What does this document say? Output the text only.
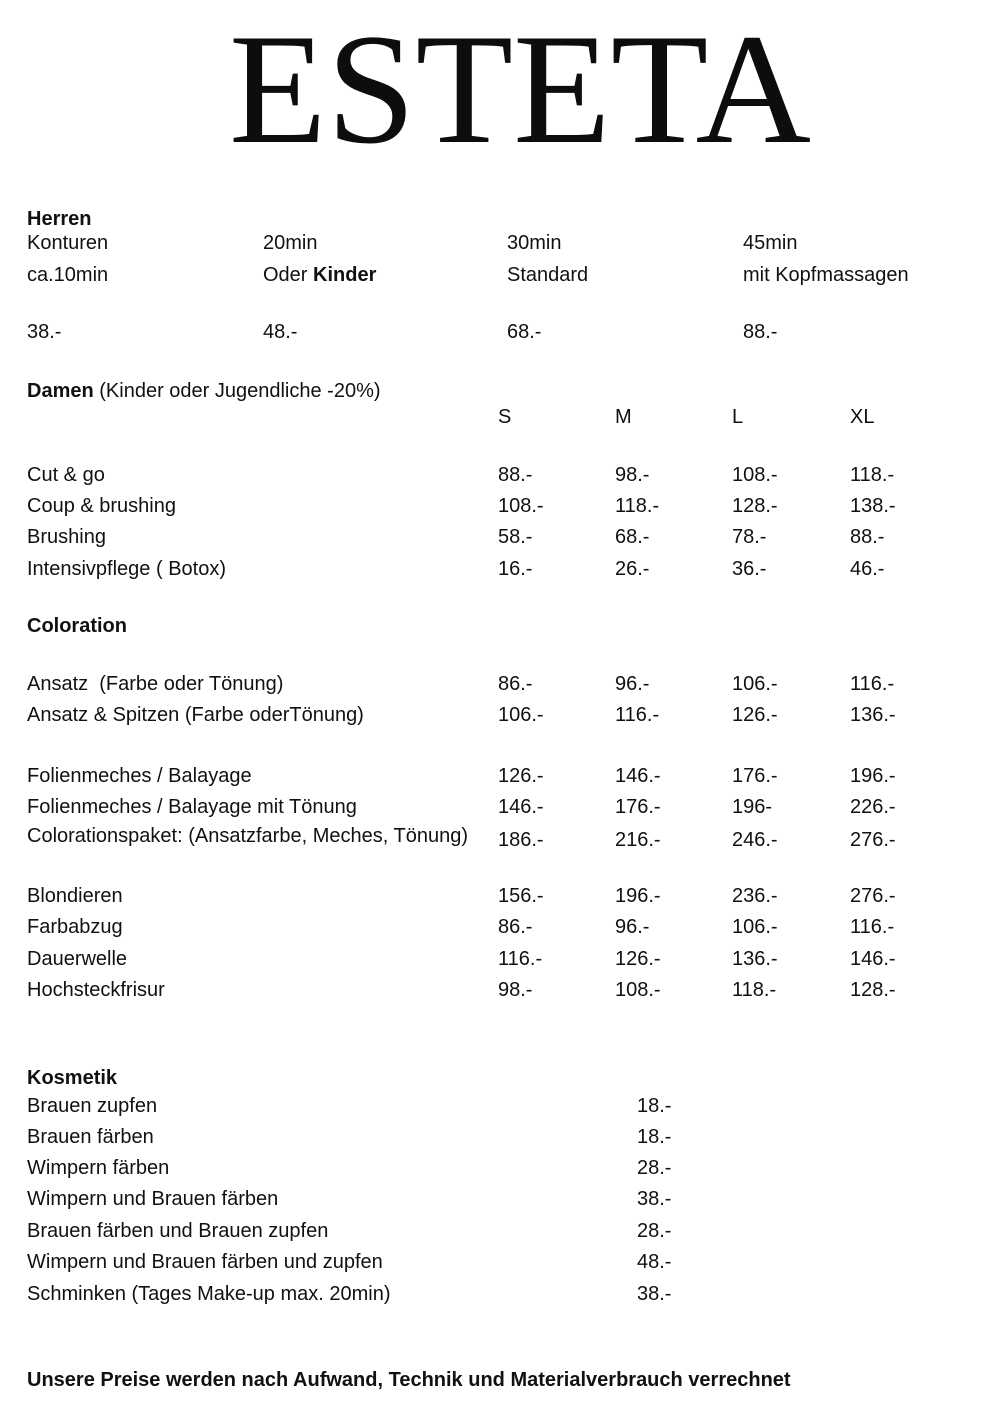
ESTETA
Herren
Konturen	20min	30min	45min
ca.10min	Oder Kinder	Standard	mit Kopfmassagen
38.-	48.-	68.-	88.-
Damen (Kinder oder Jugendliche -20%)
S	M	L	XL
Cut & go	88.-	98.-	108.-	118.-
Coup & brushing	108.-	118.-	128.-	138.-
Brushing	58.-	68.-	78.-	88.-
Intensivpflege ( Botox)	16.-	26.-	36.-	46.-
Coloration
Ansatz  (Farbe oder Tönung)	86.-	96.-	106.-	116.-
Ansatz & Spitzen (Farbe oderTönung)	106.-	116.-	126.-	136.-
Folienmeches / Balayage	126.-	146.-	176.-	196.-
Folienmeches / Balayage mit Tönung	146.-	176.-	196-	226.-
Colorationspaket: (Ansatzfarbe, Meches, Tönung)	186.-	216.-	246.-	276.-
Blondieren	156.-	196.-	236.-	276.-
Farbabzug	86.-	96.-	106.-	116.-
Dauerwelle	116.-	126.-	136.-	146.-
Hochsteckfrisur	98.-	108.-	118.-	128.-
Kosmetik
Brauen zupfen	18.-
Brauen färben	18.-
Wimpern färben	28.-
Wimpern und Brauen färben	38.-
Brauen färben und Brauen zupfen	28.-
Wimpern und Brauen färben und zupfen	48.-
Schminken (Tages Make-up max. 20min)	38.-
Unsere Preise werden nach Aufwand, Technik und Materialverbrauch verrechnet
